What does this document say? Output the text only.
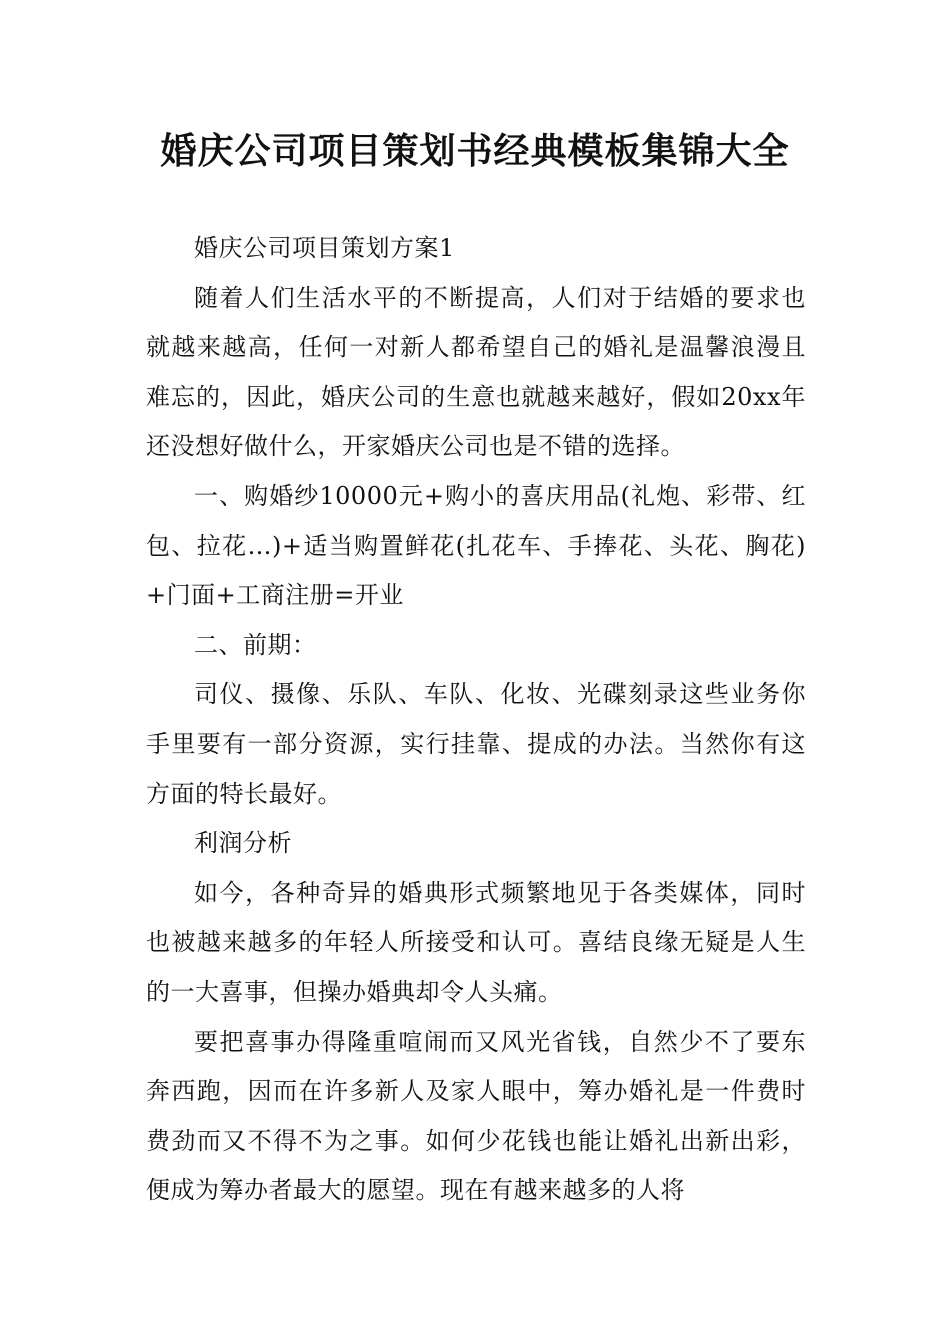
婚庆公司项目策划书经典模板集锦大全

婚庆公司项目策划方案1

随着人们生活水平的不断提高，人们对于结婚的要求也就越来越高，任何一对新人都希望自己的婚礼是温馨浪漫且难忘的，因此，婚庆公司的生意也就越来越好，假如20xx年还没想好做什么，开家婚庆公司也是不错的选择。

一、购婚纱10000元+购小的喜庆用品(礼炮、彩带、红包、拉花…)+适当购置鲜花(扎花车、手捧花、头花、胸花)+门面+工商注册=开业

二、前期：

司仪、摄像、乐队、车队、化妆、光碟刻录这些业务你手里要有一部分资源，实行挂靠、提成的办法。当然你有这方面的特长最好。

利润分析

如今，各种奇异的婚典形式频繁地见于各类媒体，同时也被越来越多的年轻人所接受和认可。喜结良缘无疑是人生的一大喜事，但操办婚典却令人头痛。

要把喜事办得隆重喧闹而又风光省钱，自然少不了要东奔西跑，因而在许多新人及家人眼中，筹办婚礼是一件费时费劲而又不得不为之事。如何少花钱也能让婚礼出新出彩，便成为筹办者最大的愿望。现在有越来越多的人将
